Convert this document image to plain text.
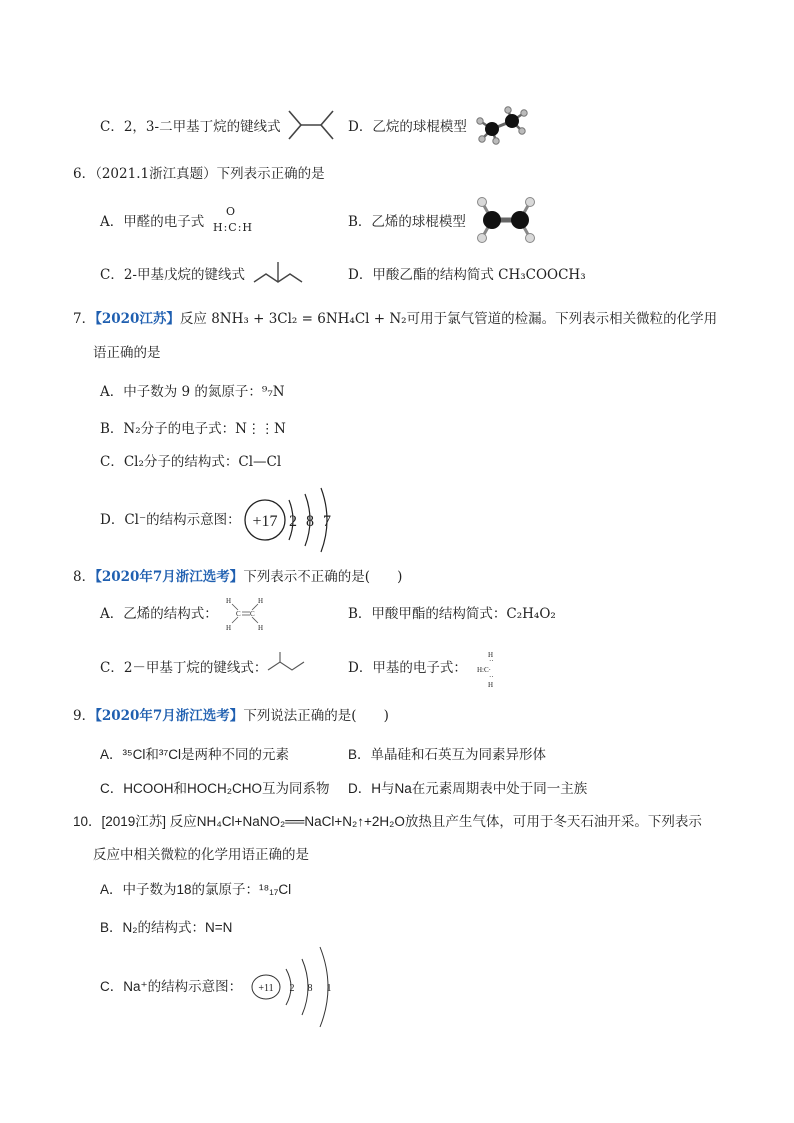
C．2，3-二甲基丁烷的键线式	D．乙烷的球棍模型
6．（2021.1浙江真题）下列表示正确的是
A．甲醛的电子式
O
H:C:H	B．乙烯的球棍模型
C．2-甲基戊烷的键线式	D．甲酸乙酯的结构简式 CH₃COOCH₃
7．【2020江苏】反应 8NH₃ + 3Cl₂ = 6NH₄Cl + N₂可用于氯气管道的检漏。下列表示相关微粒的化学用
语正确的是
A．中子数为 9 的氮原子：⁹₇N
B．N₂分子的电子式：N⋮⋮N
C．Cl₂分子的结构式：Cl—Cl
D．Cl⁻的结构示意图： +17 2 8 7
8．【2020年7月浙江选考】下列表示不正确的是(　　)
A．乙烯的结构式：
H	H
H	H
C C	B．甲酸甲酯的结构简式：C₂H₄O₂
C．2－甲基丁烷的键线式：	D．甲基的电子式：
H
··
H:C·
··
H
9．【2020年7月浙江选考】下列说法正确的是(　　)
A．³⁵Cl和³⁷Cl是两种不同的元素	B．单晶硅和石英互为同素异形体
C．HCOOH和HOCH₂CHO互为同系物 D．H与Na在元素周期表中处于同一主族
10．[2019江苏] 反应NH₄Cl+NaNO₂══NaCl+N₂↑+2H₂O放热且产生气体，可用于冬天石油开采。下列表示
反应中相关微粒的化学用语正确的是
A．中子数为18的氯原子：¹⁸₁₇Cl
B．N₂的结构式：N=N
C．Na⁺的结构示意图： +11 2 8 1
